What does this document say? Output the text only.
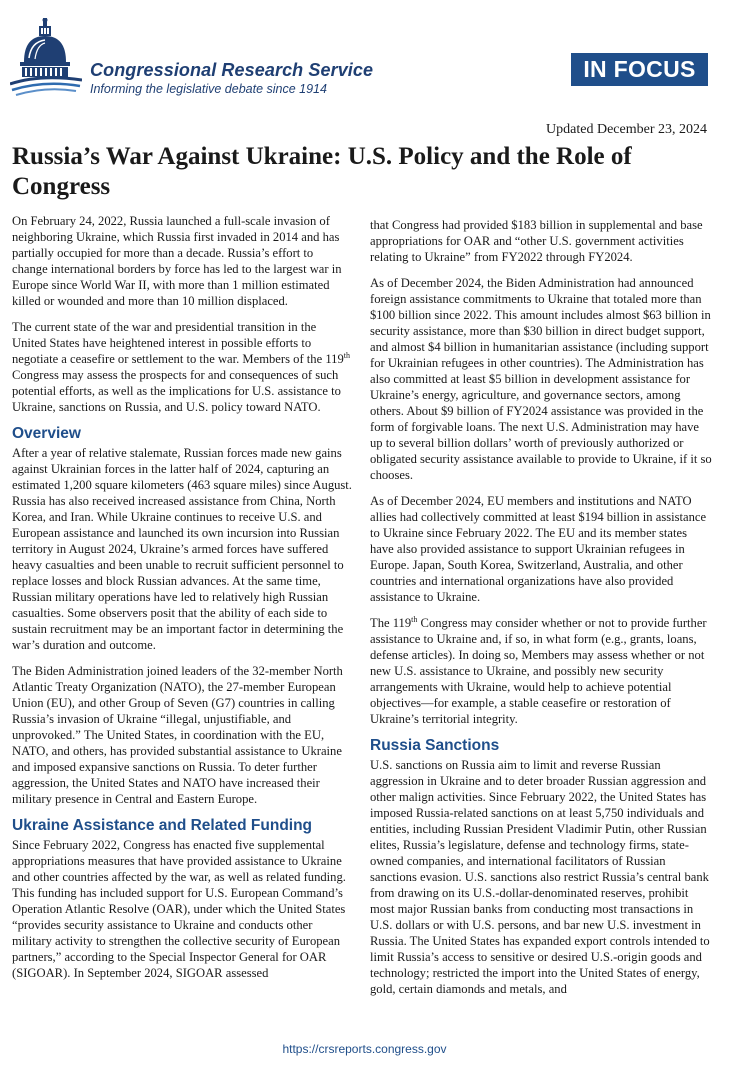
Congressional Research Service
Informing the legislative debate since 1914
IN FOCUS
Updated December 23, 2024
Russia’s War Against Ukraine: U.S. Policy and the Role of Congress

On February 24, 2022, Russia launched a full-scale invasion of neighboring Ukraine, which Russia first invaded in 2014 and has partially occupied for more than a decade. Russia’s effort to change international borders by force has led to the largest war in Europe since World War II, with more than 1 million estimated killed or wounded and more than 10 million displaced.

The current state of the war and presidential transition in the United States have heightened interest in possible efforts to negotiate a ceasefire or settlement to the war. Members of the 119th Congress may assess the prospects for and consequences of such potential efforts, as well as the implications for U.S. assistance to Ukraine, sanctions on Russia, and U.S. policy toward NATO.

Overview

After a year of relative stalemate, Russian forces made new gains against Ukrainian forces in the latter half of 2024, capturing an estimated 1,200 square kilometers (463 square miles) since August. Russia has also received increased assistance from China, North Korea, and Iran. While Ukraine continues to receive U.S. and European assistance and launched its own incursion into Russian territory in August 2024, Ukraine’s armed forces have suffered heavy casualties and been unable to recruit sufficient personnel to replace losses and block Russian advances. At the same time, Russian military operations have led to relatively high Russian casualties. Some observers posit that the ability of each side to sustain recruitment may be an important factor in determining the war’s duration and outcome.

The Biden Administration joined leaders of the 32-member North Atlantic Treaty Organization (NATO), the 27-member European Union (EU), and other Group of Seven (G7) countries in calling Russia’s invasion of Ukraine “illegal, unjustifiable, and unprovoked.” The United States, in coordination with the EU, NATO, and others, has provided substantial assistance to Ukraine and imposed expansive sanctions on Russia. To deter further aggression, the United States and NATO have increased their military presence in Central and Eastern Europe.

Ukraine Assistance and Related Funding

Since February 2022, Congress has enacted five supplemental appropriations measures that have provided assistance to Ukraine and other countries affected by the war, as well as related funding. This funding has included support for U.S. European Command’s Operation Atlantic Resolve (OAR), under which the United States “provides security assistance to Ukraine and conducts other military activity to strengthen the collective security of European partners,” according to the Special Inspector General for OAR (SIGOAR). In September 2024, SIGOAR assessed

that Congress had provided $183 billion in supplemental and base appropriations for OAR and “other U.S. government activities relating to Ukraine” from FY2022 through FY2024.

As of December 2024, the Biden Administration had announced foreign assistance commitments to Ukraine that totaled more than $100 billion since 2022. This amount includes almost $63 billion in security assistance, more than $30 billion in direct budget support, and almost $4 billion in humanitarian assistance (including support for Ukrainian refugees in other countries). The Administration has also committed at least $5 billion in development assistance for Ukraine’s energy, agriculture, and governance sectors, among others. About $9 billion of FY2024 assistance was provided in the form of forgivable loans. The next U.S. Administration may have up to several billion dollars’ worth of previously authorized or obligated security assistance available to provide to Ukraine, if it so chooses.

As of December 2024, EU members and institutions and NATO allies had collectively committed at least $194 billion in assistance to Ukraine since February 2022. The EU and its member states have also provided assistance to support Ukrainian refugees in Europe. Japan, South Korea, Switzerland, Australia, and other countries and international organizations have also provided assistance to Ukraine.

The 119th Congress may consider whether or not to provide further assistance to Ukraine and, if so, in what form (e.g., grants, loans, defense articles). In doing so, Members may assess whether or not new U.S. assistance to Ukraine, and possibly new security arrangements with Ukraine, would help to achieve potential objectives—for example, a stable ceasefire or restoration of Ukraine’s territorial integrity.

Russia Sanctions

U.S. sanctions on Russia aim to limit and reverse Russian aggression in Ukraine and to deter broader Russian aggression and other malign activities. Since February 2022, the United States has imposed Russia-related sanctions on at least 5,750 individuals and entities, including Russian President Vladimir Putin, other Russian elites, Russia’s legislature, defense and technology firms, state-owned companies, and international facilitators of Russian sanctions evasion. U.S. sanctions also restrict Russia’s central bank from drawing on its U.S.-dollar-denominated reserves, prohibit most major Russian banks from conducting most transactions in U.S. dollars or with U.S. persons, and bar new U.S. investment in Russia. The United States has expanded export controls intended to limit Russia’s access to sensitive or desired U.S.-origin goods and technology; restricted the import into the United States of energy, gold, certain diamonds and metals, and

https://crsreports.congress.gov
